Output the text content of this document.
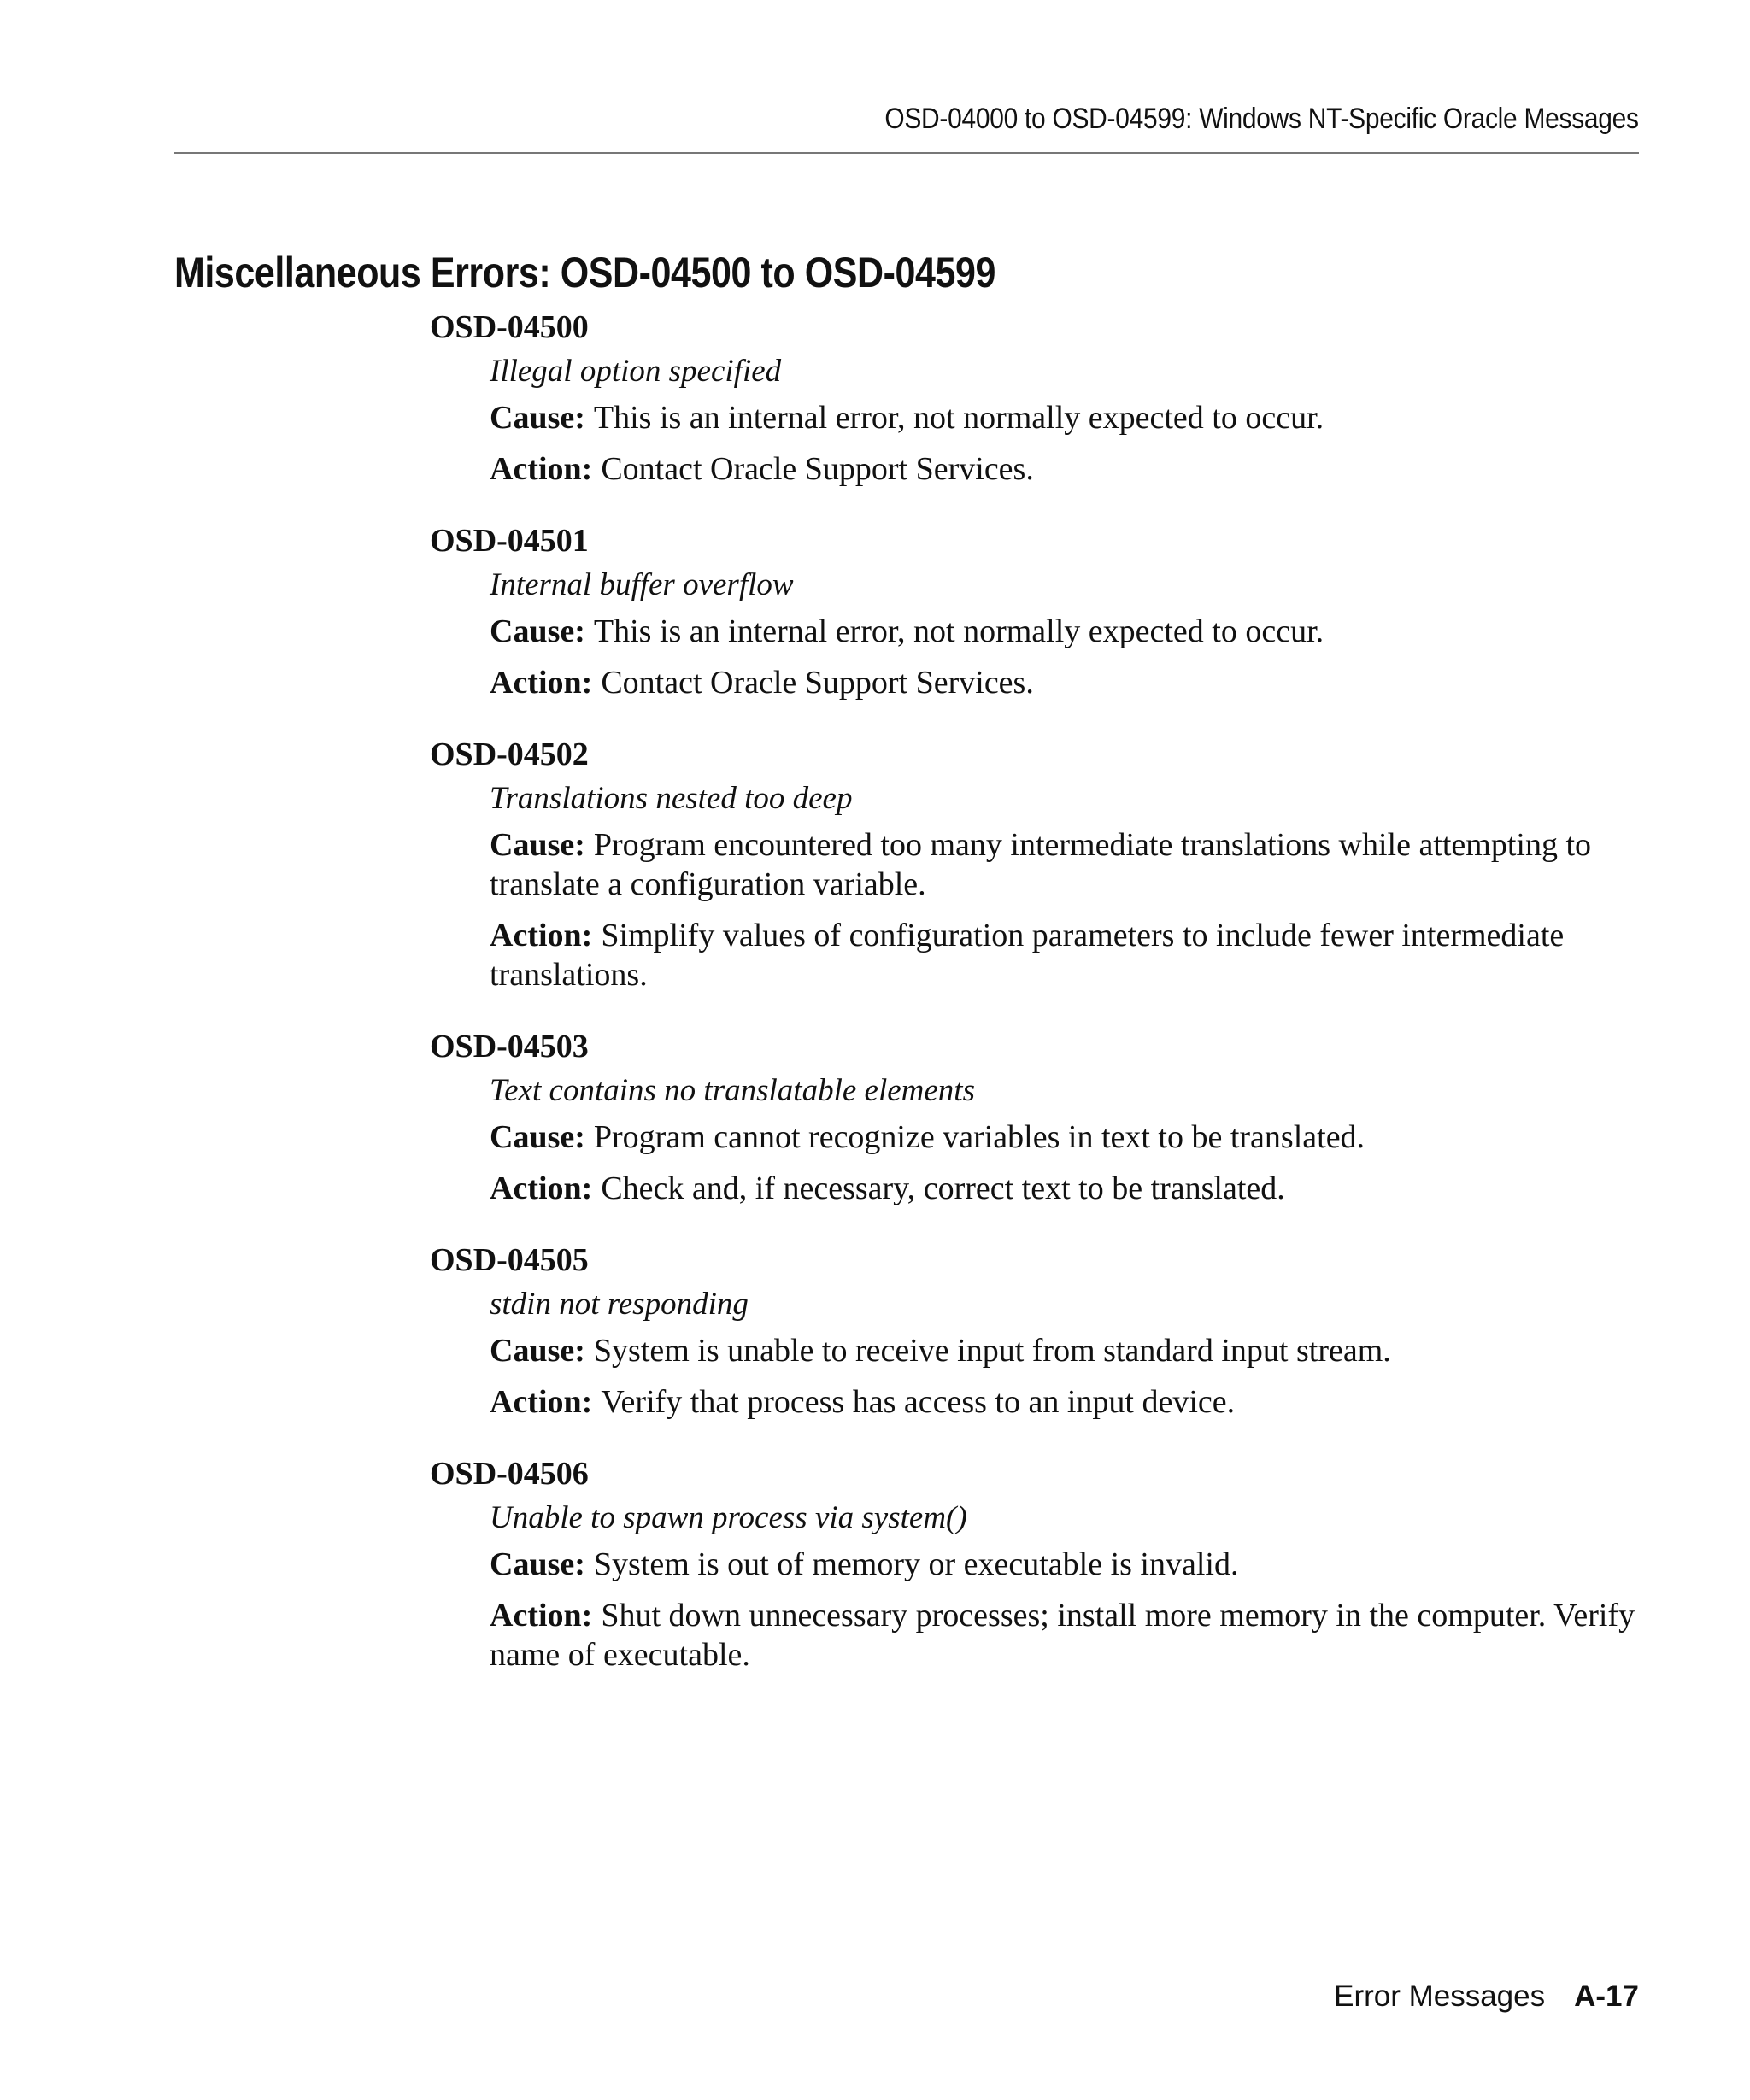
OSD-04000 to OSD-04599: Windows NT-Specific Oracle Messages
Miscellaneous Errors: OSD-04500 to OSD-04599
OSD-04500
Illegal option specified
Cause: This is an internal error, not normally expected to occur.
Action: Contact Oracle Support Services.
OSD-04501
Internal buffer overflow
Cause: This is an internal error, not normally expected to occur.
Action: Contact Oracle Support Services.
OSD-04502
Translations nested too deep
Cause: Program encountered too many intermediate translations while attempting to translate a configuration variable.
Action: Simplify values of configuration parameters to include fewer intermediate translations.
OSD-04503
Text contains no translatable elements
Cause: Program cannot recognize variables in text to be translated.
Action: Check and, if necessary, correct text to be translated.
OSD-04505
stdin not responding
Cause: System is unable to receive input from standard input stream.
Action: Verify that process has access to an input device.
OSD-04506
Unable to spawn process via system()
Cause: System is out of memory or executable is invalid.
Action: Shut down unnecessary processes; install more memory in the computer. Verify name of executable.
Error Messages A-17
